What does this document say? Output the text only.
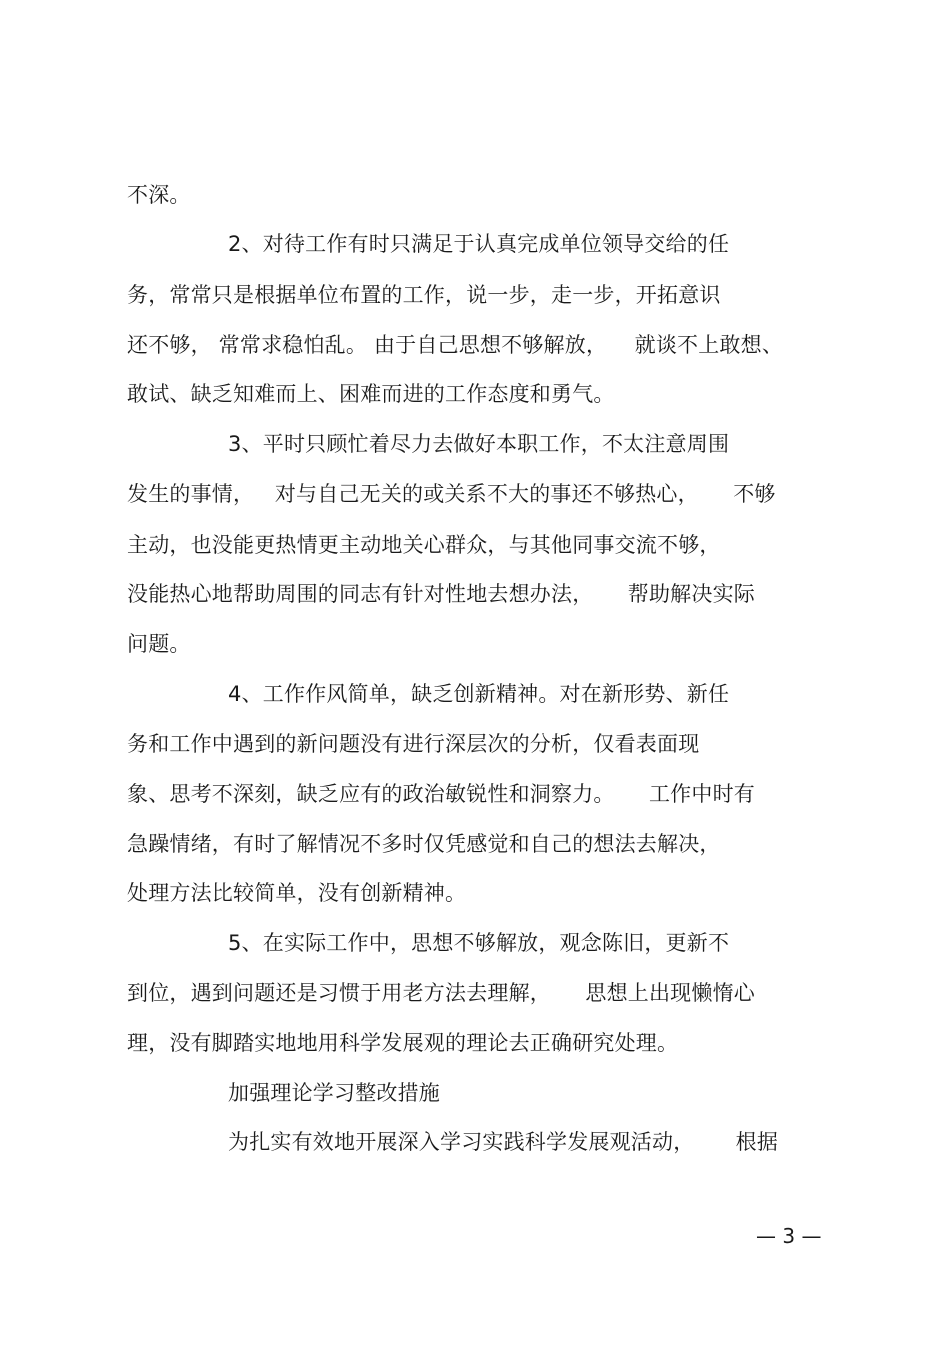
不深。
2、对待工作有时只满足于认真完成单位领导交给的任
务，常常只是根据单位布置的工作，说一步，走一步，开拓意识
还不够， 常常求稳怕乱。 由于自己思想不够解放，    就谈不上敢想、
敢试、缺乏知难而上、困难而进的工作态度和勇气。
3、平时只顾忙着尽力去做好本职工作，不太注意周围
发生的事情，   对与自己无关的或关系不大的事还不够热心，     不够
主动，也没能更热情更主动地关心群众，与其他同事交流不够，
没能热心地帮助周围的同志有针对性地去想办法，     帮助解决实际
问题。
4、工作作风简单，缺乏创新精神。对在新形势、新任
务和工作中遇到的新问题没有进行深层次的分析，仅看表面现
象、思考不深刻，缺乏应有的政治敏锐性和洞察力。     工作中时有
急躁情绪，有时了解情况不多时仅凭感觉和自己的想法去解决，
处理方法比较简单，没有创新精神。
5、在实际工作中，思想不够解放，观念陈旧，更新不
到位，遇到问题还是习惯于用老方法去理解，     思想上出现懒惰心
理，没有脚踏实地地用科学发展观的理论去正确研究处理。
加强理论学习整改措施
为扎实有效地开展深入学习实践科学发展观活动，      根据
— 3 —
